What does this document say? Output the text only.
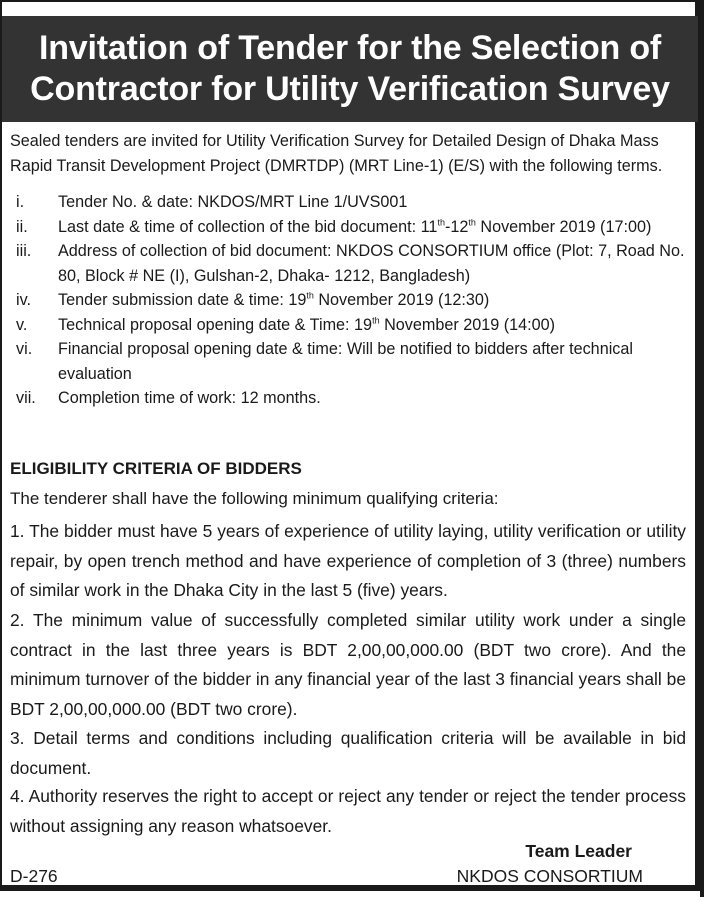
Invitation of Tender for the Selection of
Contractor for Utility Verification Survey
Sealed tenders are invited for Utility Verification Survey for Detailed Design of Dhaka Mass Rapid Transit Development Project (DMRTDP) (MRT Line-1) (E/S) with the following terms.
i.	Tender No. & date: NKDOS/MRT Line 1/UVS001
ii.	Last date & time of collection of the bid document: 11th-12th November 2019 (17:00)
iii.	Address of collection of bid document: NKDOS CONSORTIUM office (Plot: 7, Road No. 80, Block # NE (I), Gulshan-2, Dhaka- 1212, Bangladesh)
iv.	Tender submission date & time: 19th November 2019 (12:30)
v.	Technical proposal opening date & Time: 19th November 2019 (14:00)
vi.	Financial proposal opening date & time: Will be notified to bidders after technical evaluation
vii.	Completion time of work: 12 months.
ELIGIBILITY CRITERIA OF BIDDERS
The tenderer shall have the following minimum qualifying criteria:
1. The bidder must have 5 years of experience of utility laying, utility verification or utility repair, by open trench method and have experience of completion of 3 (three) numbers of similar work in the Dhaka City in the last 5 (five) years.
2. The minimum value of successfully completed similar utility work under a single contract in the last three years is BDT 2,00,00,000.00 (BDT two crore). And the minimum turnover of the bidder in any financial year of the last 3 financial years shall be BDT 2,00,00,000.00 (BDT two crore).
3. Detail terms and conditions including qualification criteria will be available in bid document.
4. Authority reserves the right to accept or reject any tender or reject the tender process without assigning any reason whatsoever.
D-276
Team Leader
NKDOS CONSORTIUM
